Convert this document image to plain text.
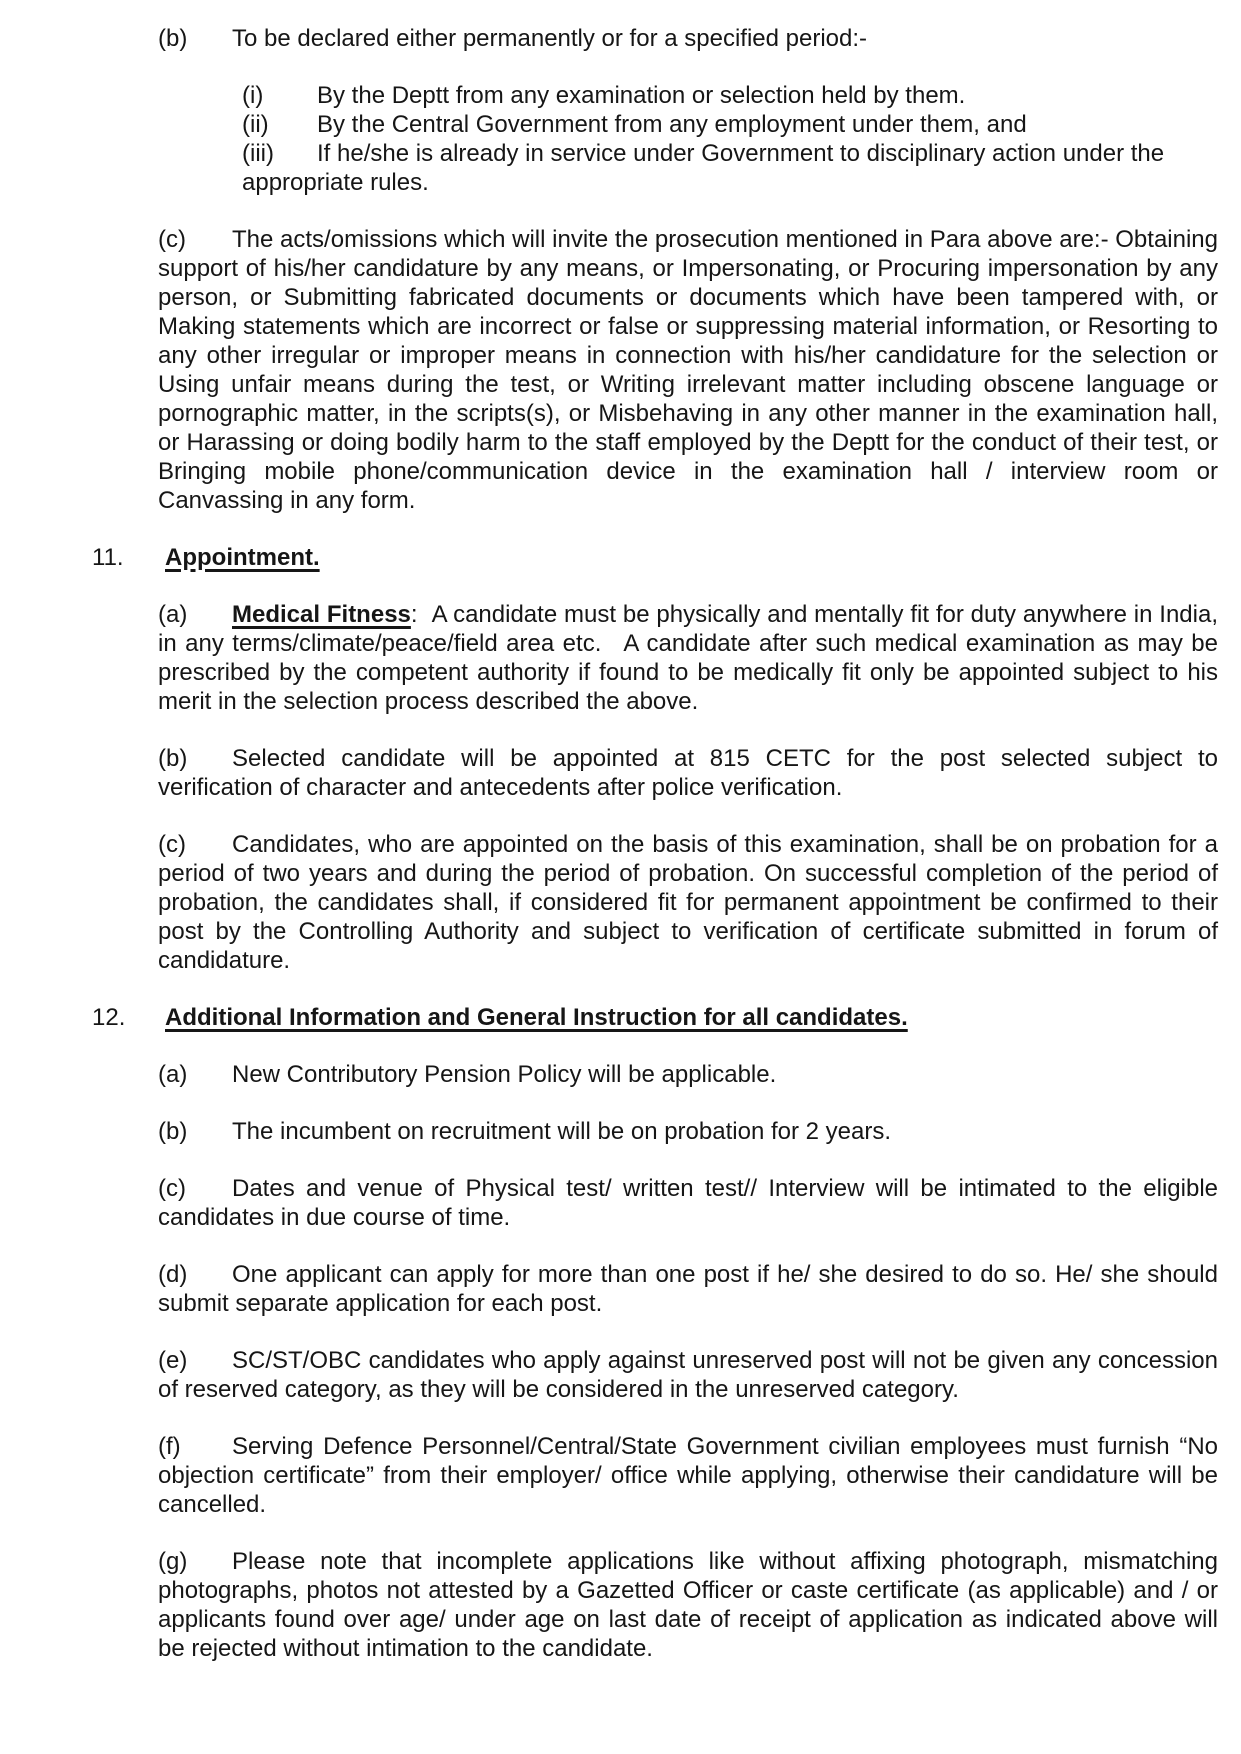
(b) To be declared either permanently or for a specified period:-

(i) By the Deptt from any examination or selection held by them.

(ii) By the Central Government from any employment under them, and

(iii) If he/she is already in service under Government to disciplinary action under the appropriate rules.

(c) The acts/omissions which will invite the prosecution mentioned in Para above are:- Obtaining support of his/her candidature by any means, or Impersonating, or Procuring impersonation by any person, or Submitting fabricated documents or documents which have been tampered with, or Making statements which are incorrect or false or suppressing material information, or Resorting to any other irregular or improper means in connection with his/her candidature for the selection or Using unfair means during the test, or Writing irrelevant matter including obscene language or pornographic matter, in the scripts(s), or Misbehaving in any other manner in the examination hall, or Harassing or doing bodily harm to the staff employed by the Deptt for the conduct of their test, or Bringing mobile phone/communication device in the examination hall / interview room or Canvassing in any form.

11. Appointment.

(a) Medical Fitness: A candidate must be physically and mentally fit for duty anywhere in India, in any terms/climate/peace/field area etc. A candidate after such medical examination as may be prescribed by the competent authority if found to be medically fit only be appointed subject to his merit in the selection process described the above.

(b) Selected candidate will be appointed at 815 CETC for the post selected subject to verification of character and antecedents after police verification.

(c) Candidates, who are appointed on the basis of this examination, shall be on probation for a period of two years and during the period of probation. On successful completion of the period of probation, the candidates shall, if considered fit for permanent appointment be confirmed to their post by the Controlling Authority and subject to verification of certificate submitted in forum of candidature.

12. Additional Information and General Instruction for all candidates.

(a) New Contributory Pension Policy will be applicable.

(b) The incumbent on recruitment will be on probation for 2 years.

(c) Dates and venue of Physical test/ written test// Interview will be intimated to the eligible candidates in due course of time.

(d) One applicant can apply for more than one post if he/ she desired to do so. He/ she should submit separate application for each post.

(e) SC/ST/OBC candidates who apply against unreserved post will not be given any concession of reserved category, as they will be considered in the unreserved category.

(f) Serving Defence Personnel/Central/State Government civilian employees must furnish “No objection certificate” from their employer/ office while applying, otherwise their candidature will be cancelled.

(g) Please note that incomplete applications like without affixing photograph, mismatching photographs, photos not attested by a Gazetted Officer or caste certificate (as applicable) and / or applicants found over age/ under age on last date of receipt of application as indicated above will be rejected without intimation to the candidate.
